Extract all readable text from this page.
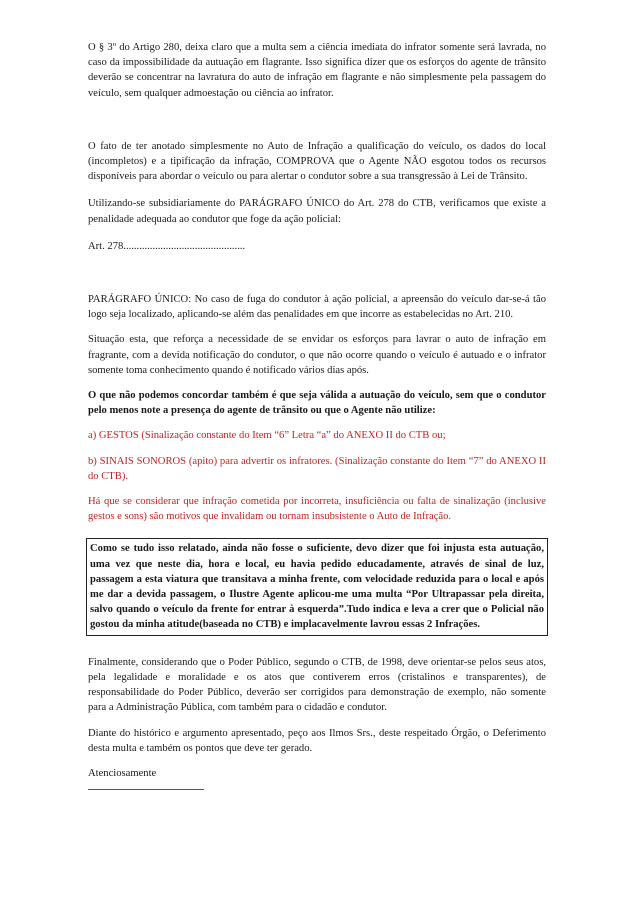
O § 3º do Artigo 280, deixa claro que a multa sem a ciência imediata do infrator somente será lavrada, no caso da impossibilidade da autuação em flagrante. Isso significa dizer que os esforços do agente de trânsito deverão se concentrar na lavratura do auto de infração em flagrante e não simplesmente pela passagem do veículo, sem qualquer admoestação ou ciência ao infrator.

O fato de ter anotado simplesmente no Auto de Infração a qualificação do veículo, os dados do local (incompletos) e a tipificação da infração, COMPROVA que o Agente NÃO esgotou todos os recursos disponíveis para abordar o veículo ou para alertar o condutor sobre a sua transgressão à Lei de Trânsito.

Utilizando-se subsidiariamente do PARÁGRAFO ÚNICO do Art. 278 do CTB, verificamos que existe a penalidade adequada ao condutor que foge da ação policial:

Art. 278..............................................

PARÁGRAFO ÚNICO: No caso de fuga do condutor à ação policial, a apreensão do veículo dar-se-á tão logo seja localizado, aplicando-se além das penalidades em que incorre as estabelecidas no Art. 210.

Situação esta, que reforça a necessidade de se envidar os esforços para lavrar o auto de infração em fragrante, com a devida notificação do condutor, o que não ocorre quando o veículo é autuado e o infrator somente toma conhecimento quando é notificado vários dias após.

O que não podemos concordar também é que seja válida a autuação do veículo, sem que o condutor pelo menos note a presença do agente de trânsito ou que o Agente não utilize:

a) GESTOS (Sinalização constante do Item “6” Letra “a” do ANEXO II do CTB ou;

b) SINAIS SONOROS (apito) para advertir os infratores. (Sinalização constante do Item “7” do ANEXO II do CTB).

Há que se considerar que infração cometida por incorreta, insuficiência ou falta de sinalização (inclusive gestos e sons) são motivos que invalidam ou tornam insubsistente o Auto de Infração.

Como se tudo isso relatado, ainda não fosse o suficiente, devo dizer que foi injusta esta autuação, uma vez que neste dia, hora e local, eu havia pedido educadamente, através de sinal de luz, passagem a esta viatura que transitava a minha frente, com velocidade reduzida para o local e após me dar a devida passagem, o Ilustre Agente aplicou-me uma multa “Por Ultrapassar pela direita, salvo quando o veículo da frente for entrar à esquerda”.Tudo indica e leva a crer que o Policial não gostou da minha atitude(baseada no CTB) e implacavelmente lavrou essas 2 Infrações.

Finalmente, considerando que o Poder Público, segundo o CTB, de 1998, deve orientar-se pelos seus atos, pela legalidade e moralidade e os atos que contiverem erros (cristalinos e transparentes), de responsabilidade do Poder Público, deverão ser corrigidos para demonstração de exemplo, não somente para a Administração Pública, com também para o cidadão e condutor.

Diante do histórico e argumento apresentado, peço aos Ilmos Srs., deste respeitado Órgão, o Deferimento desta multa e também os pontos que deve ter gerado.

Atenciosamente
